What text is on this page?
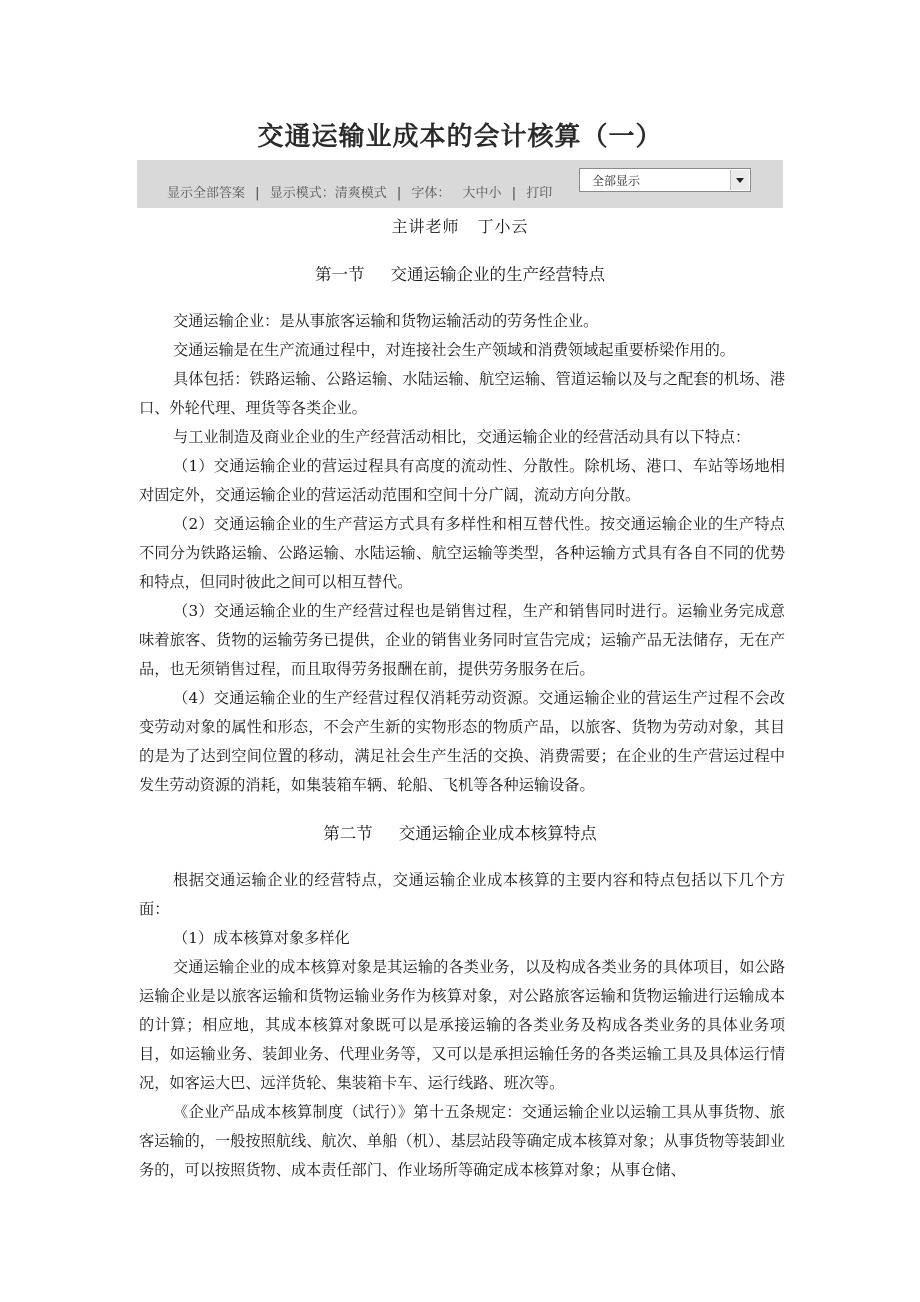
交通运输业成本的会计核算（一）
显示全部答案 | 显示模式：清爽模式 | 字体： 大中小 | 打印
全部显示
主讲老师 丁小云
第一节 交通运输企业的生产经营特点

交通运输企业：是从事旅客运输和货物运输活动的劳务性企业。

交通运输是在生产流通过程中，对连接社会生产领域和消费领域起重要桥梁作用的。

具体包括：铁路运输、公路运输、水陆运输、航空运输、管道运输以及与之配套的机场、港口、外轮代理、理货等各类企业。

与工业制造及商业企业的生产经营活动相比，交通运输企业的经营活动具有以下特点：

（1）交通运输企业的营运过程具有高度的流动性、分散性。除机场、港口、车站等场地相对固定外，交通运输企业的营运活动范围和空间十分广阔，流动方向分散。

（2）交通运输企业的生产营运方式具有多样性和相互替代性。按交通运输企业的生产特点不同分为铁路运输、公路运输、水陆运输、航空运输等类型，各种运输方式具有各自不同的优势和特点，但同时彼此之间可以相互替代。

（3）交通运输企业的生产经营过程也是销售过程，生产和销售同时进行。运输业务完成意味着旅客、货物的运输劳务已提供，企业的销售业务同时宣告完成；运输产品无法储存，无在产品，也无须销售过程，而且取得劳务报酬在前，提供劳务服务在后。

（4）交通运输企业的生产经营过程仅消耗劳动资源。交通运输企业的营运生产过程不会改变劳动对象的属性和形态，不会产生新的实物形态的物质产品，以旅客、货物为劳动对象，其目的是为了达到空间位置的移动，满足社会生产生活的交换、消费需要；在企业的生产营运过程中发生劳动资源的消耗，如集装箱车辆、轮船、飞机等各种运输设备。

第二节 交通运输企业成本核算特点

根据交通运输企业的经营特点，交通运输企业成本核算的主要内容和特点包括以下几个方面：

（1）成本核算对象多样化

交通运输企业的成本核算对象是其运输的各类业务，以及构成各类业务的具体项目，如公路运输企业是以旅客运输和货物运输业务作为核算对象，对公路旅客运输和货物运输进行运输成本的计算；相应地，其成本核算对象既可以是承接运输的各类业务及构成各类业务的具体业务项目，如运输业务、装卸业务、代理业务等，又可以是承担运输任务的各类运输工具及具体运行情况，如客运大巴、远洋货轮、集装箱卡车、运行线路、班次等。

《企业产品成本核算制度（试行）》第十五条规定：交通运输企业以运输工具从事货物、旅客运输的，一般按照航线、航次、单船（机）、基层站段等确定成本核算对象；从事货物等装卸业务的，可以按照货物、成本责任部门、作业场所等确定成本核算对象；从事仓储、
